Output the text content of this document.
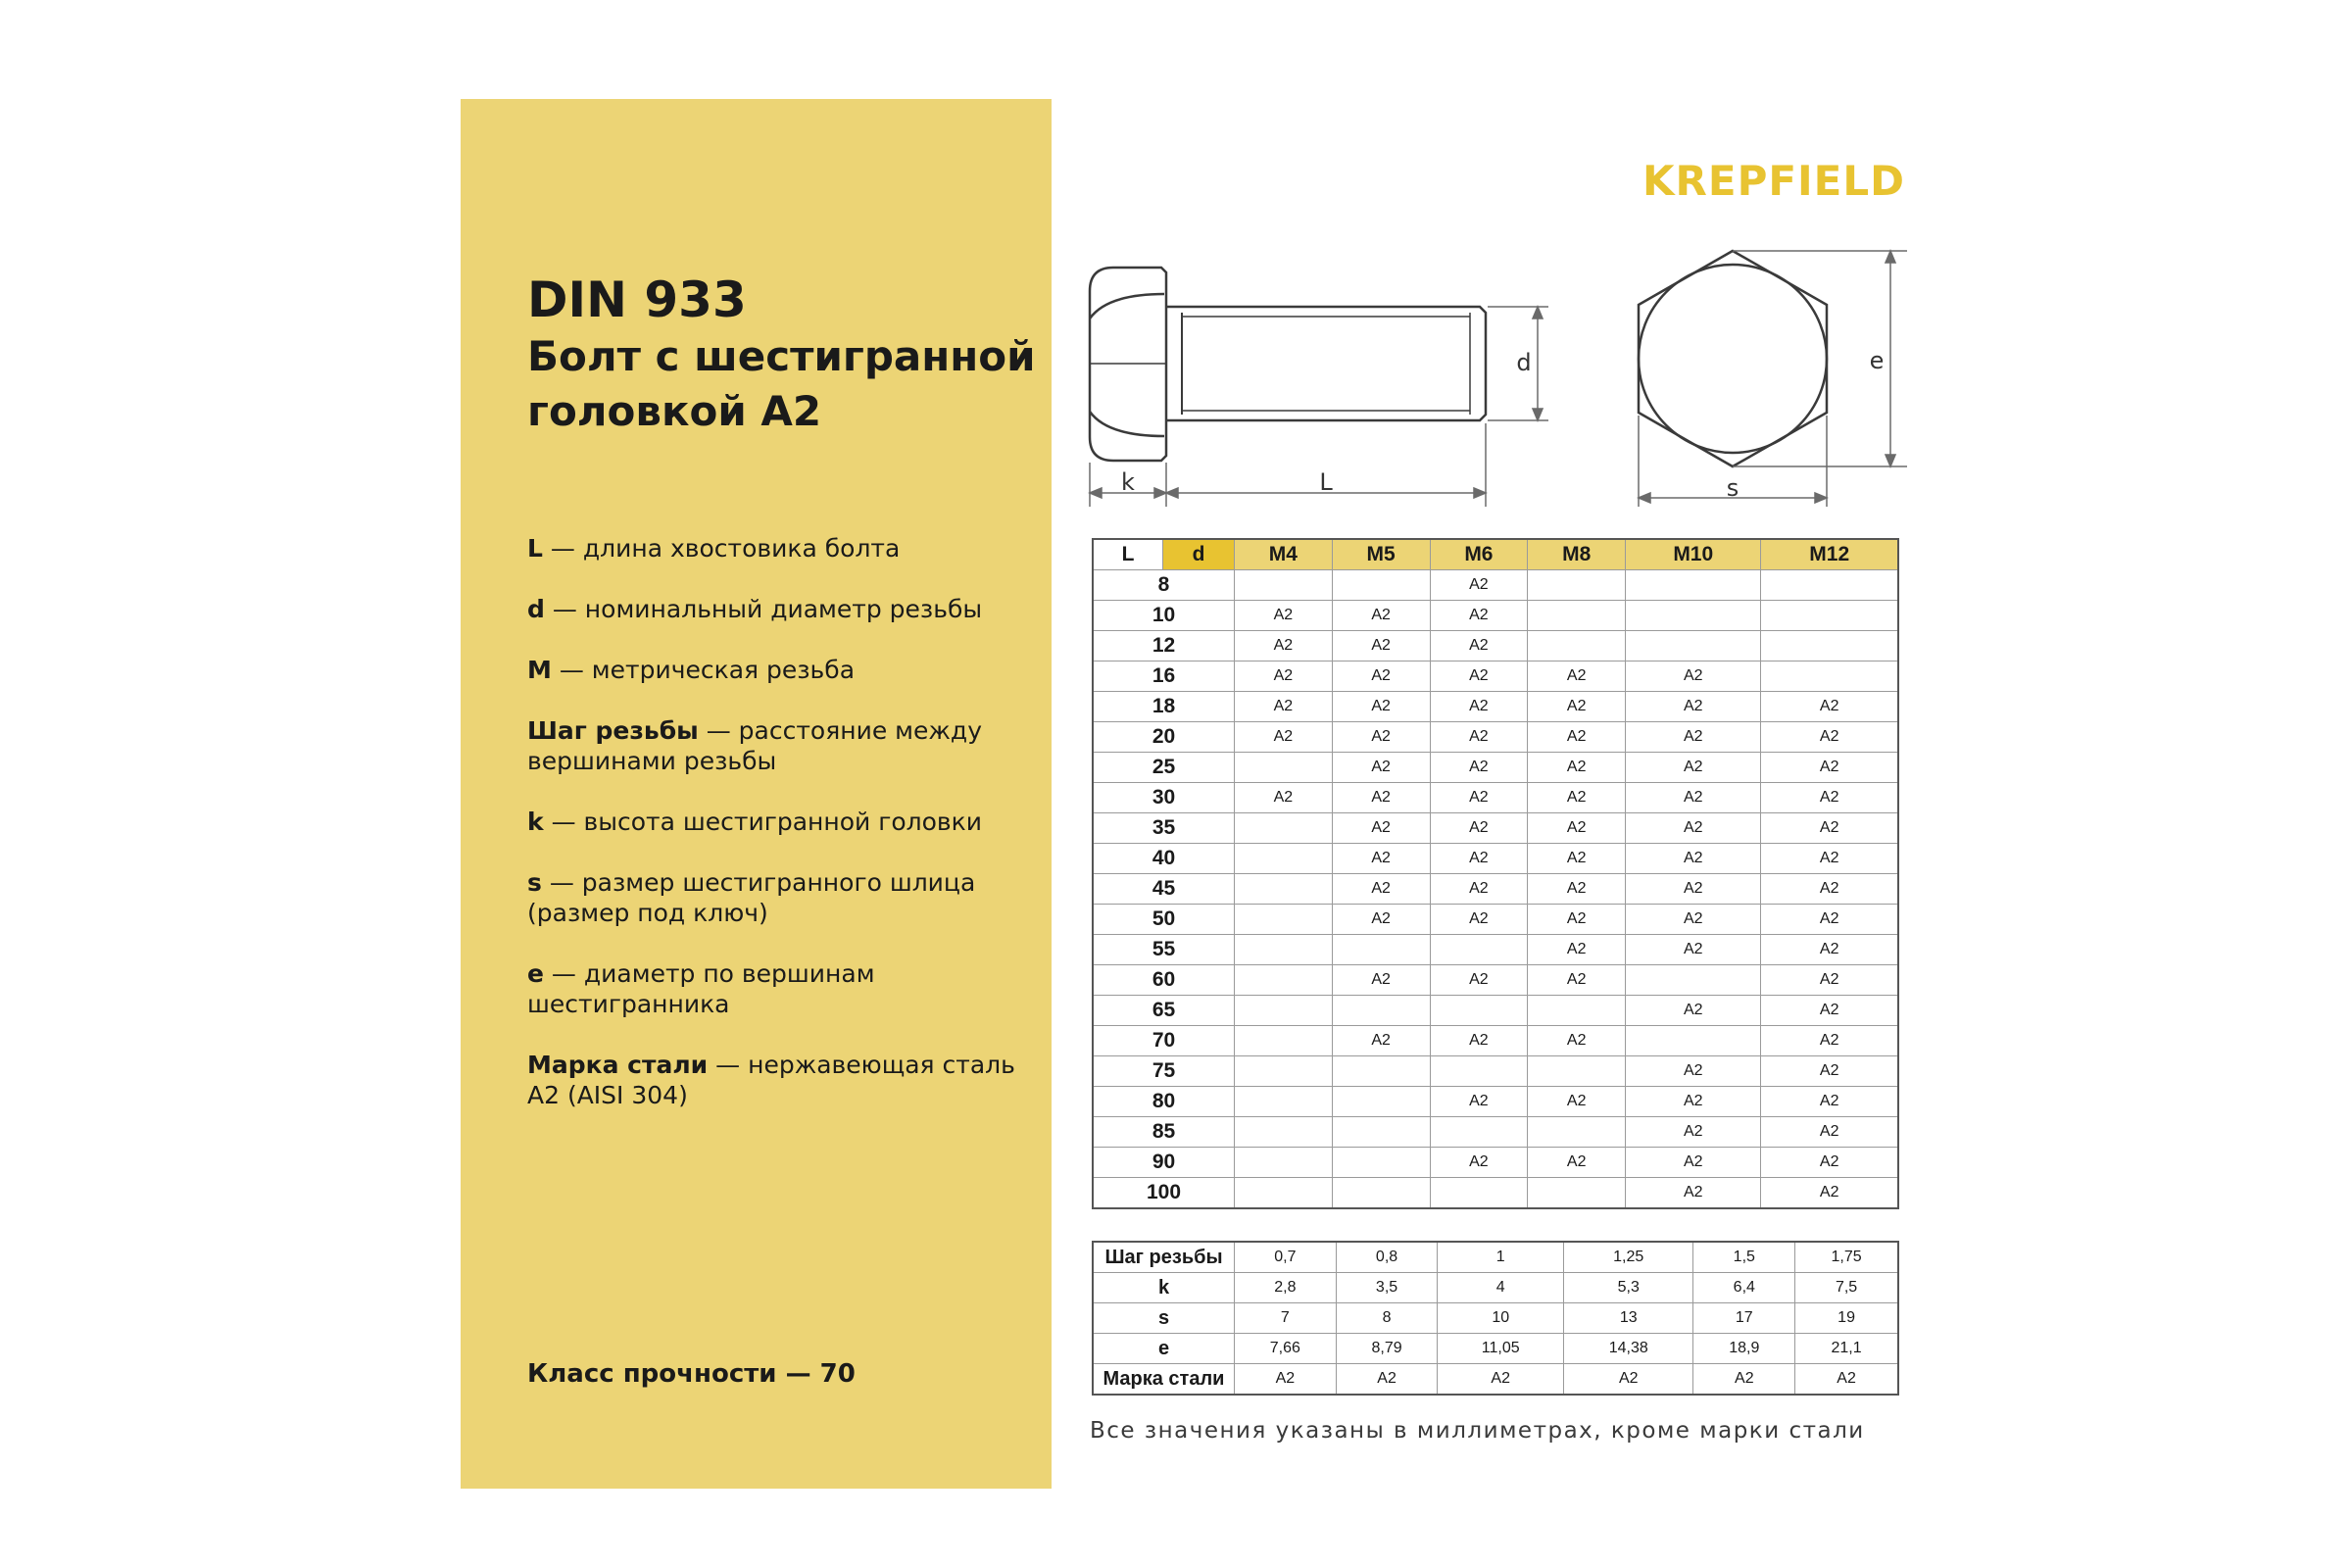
DIN 933
Болт с шестигранной
головкой А2
L — длина хвостовика болта
d — номинальный диаметр резьбы
M — метрическая резьба
Шаг резьбы — расстояние между вершинами резьбы
k — высота шестигранной головки
s — размер шестигранного шлица (размер под ключ)
e — диаметр по вершинам шестигранника
Марка стали — нержавеющая сталь А2 (AISI 304)
Класс прочности — 70
KREPFIELD
k	L
d
s
e
L	d	M4	M5	M6	M8	M10	M12
8				A2			
10		A2	A2	A2			
12		A2	A2	A2			
16		A2	A2	A2	A2	A2	
18		A2	A2	A2	A2	A2	A2
20		A2	A2	A2	A2	A2	A2
25			A2	A2	A2	A2	A2
30		A2	A2	A2	A2	A2	A2
35			A2	A2	A2	A2	A2
40			A2	A2	A2	A2	A2
45			A2	A2	A2	A2	A2
50			A2	A2	A2	A2	A2
55					A2	A2	A2
60			A2	A2	A2		A2
65						A2	A2
70			A2	A2	A2		A2
75						A2	A2
80				A2	A2	A2	A2
85						A2	A2
90				A2	A2	A2	A2
100						A2	A2
Шаг резьбы	0,7	0,8	1	1,25	1,5	1,75
k	2,8	3,5	4	5,3	6,4	7,5
s	7	8	10	13	17	19
e	7,66	8,79	11,05	14,38	18,9	21,1
Марка стали	A2	A2	A2	A2	A2	A2
Все значения указаны в миллиметрах, кроме марки стали
